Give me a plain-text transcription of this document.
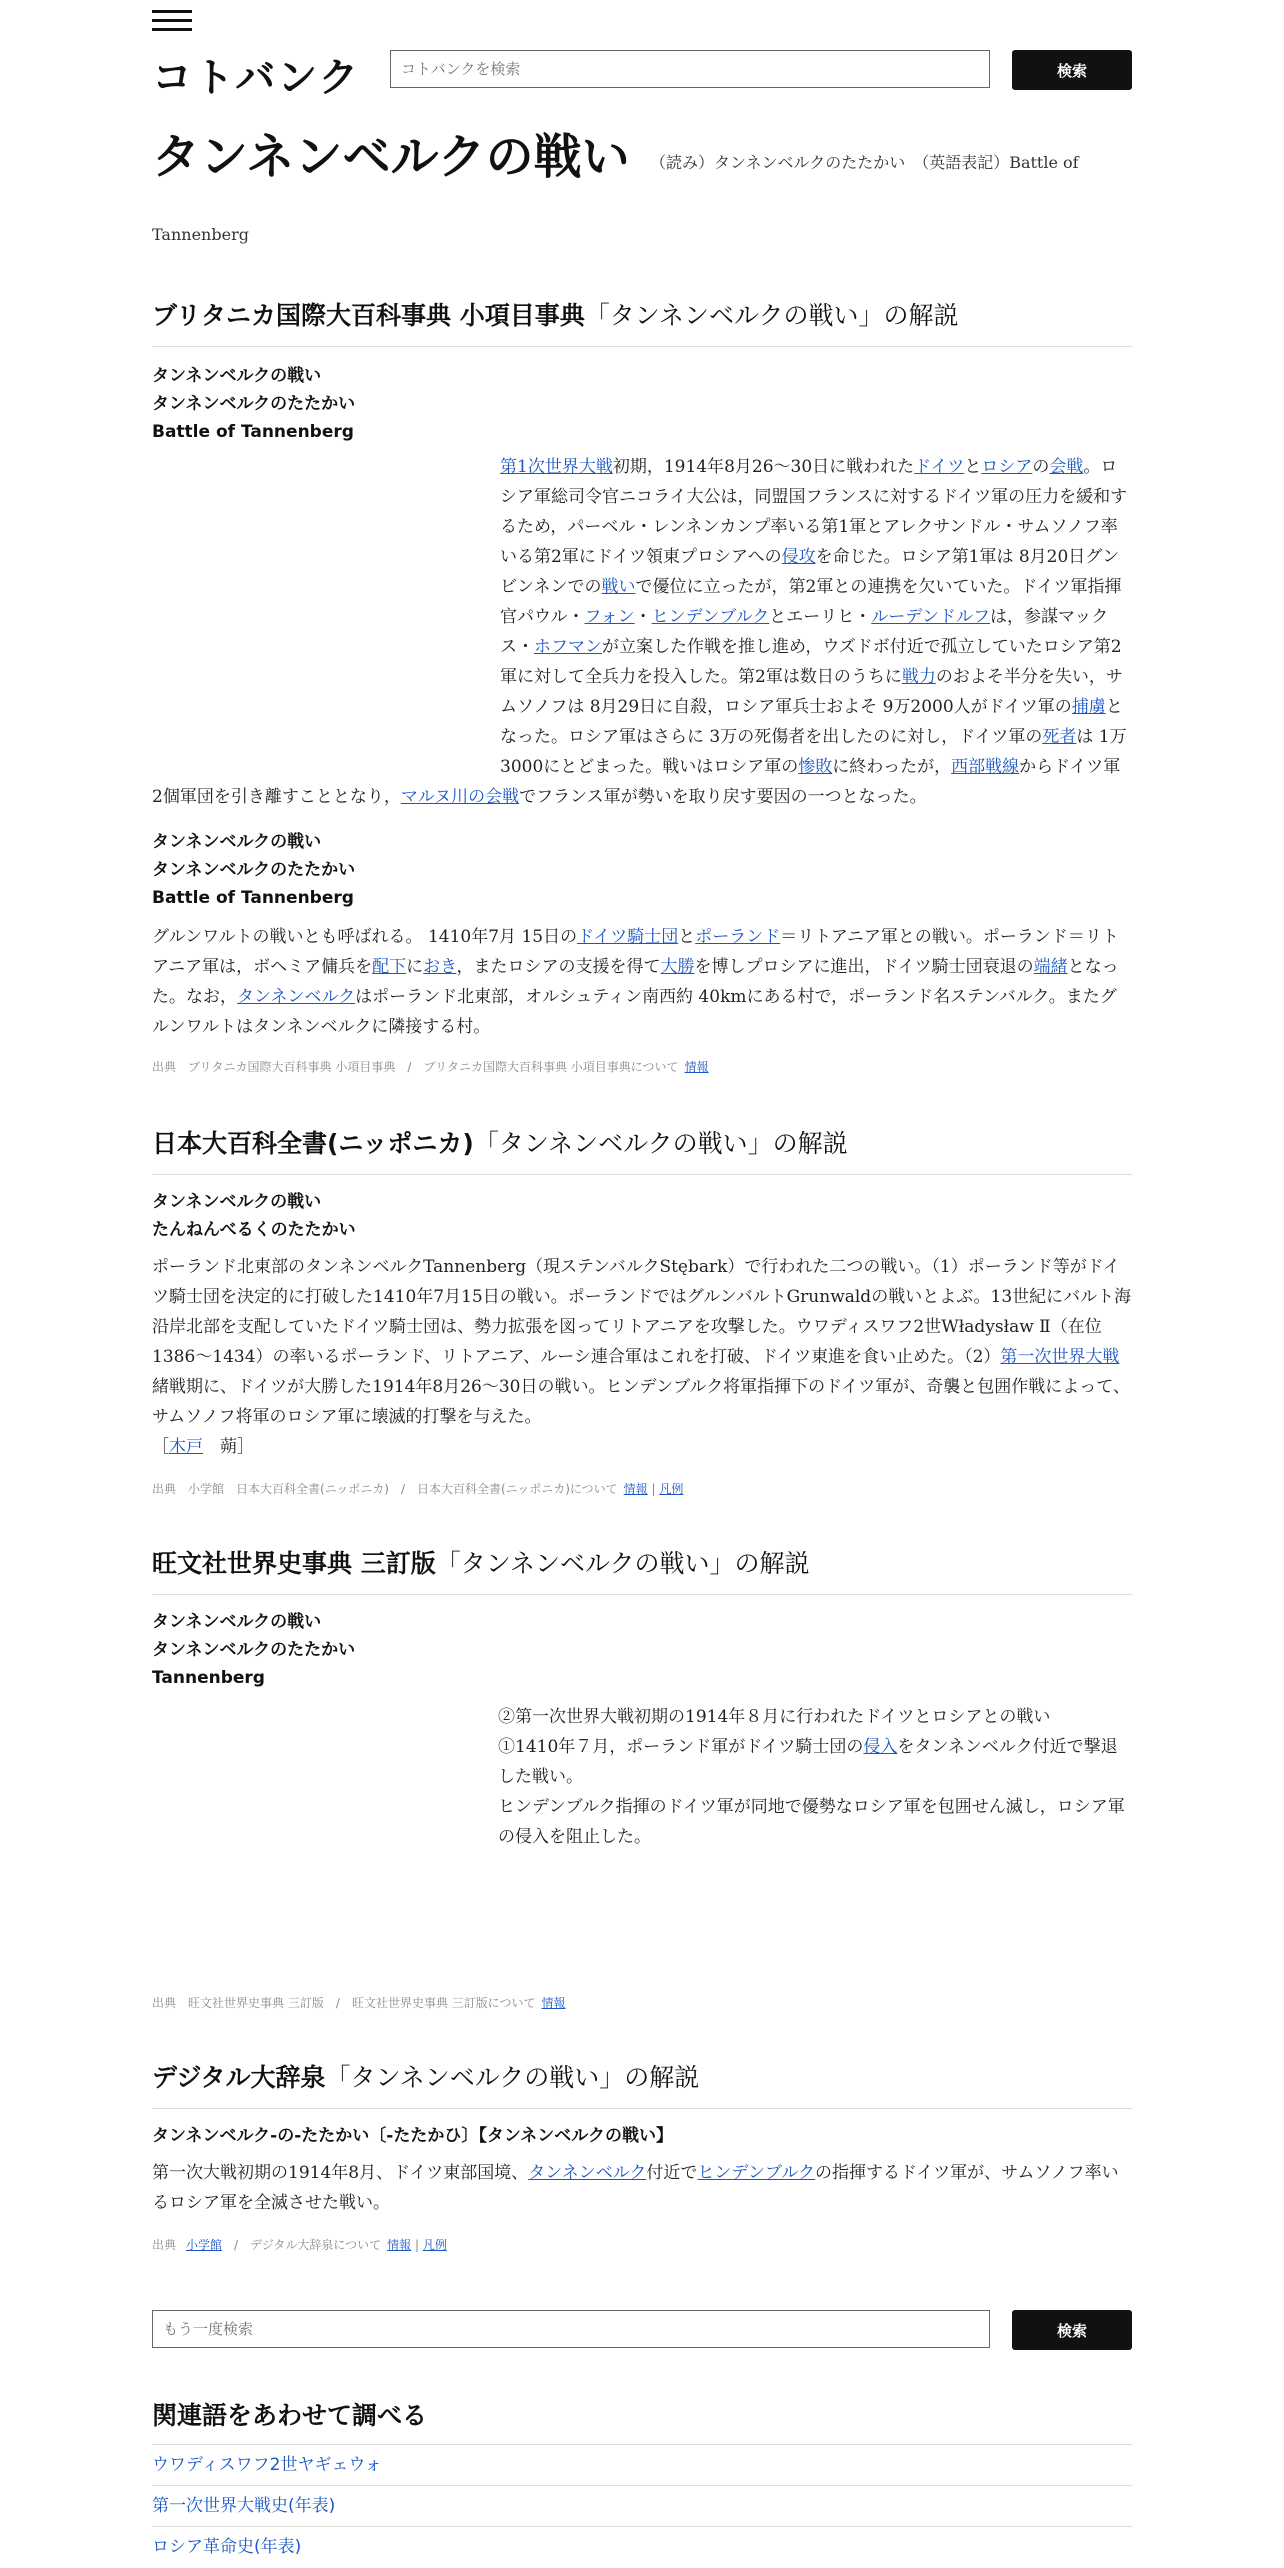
コトバンク
コトバンクを検索	検索
タンネンベルクの戦い （読み）タンネンベルクのたたかい　（英語表記）Battle of
Tannenberg
ブリタニカ国際大百科事典 小項目事典「タンネンベルクの戦い」の解説
タンネンベルクの戦い
タンネンベルクのたたかい
Battle of Tannenberg
第1次世界大戦初期，1914年8月26～30日に戦われたドイツとロシアの会戦。ロシア軍総司令官ニコライ大公は，同盟国フランスに対するドイツ軍の圧力を緩和するため，パーベル・レンネンカンプ率いる第1軍とアレクサンドル・サムソノフ率いる第2軍にドイツ領東プロシアへの侵攻を命じた。ロシア第1軍は 8月20日グンビンネンでの戦いで優位に立ったが，第2軍との連携を欠いていた。ドイツ軍指揮官パウル・フォン・ヒンデンブルクとエーリヒ・ルーデンドルフは，参謀マックス・ホフマンが立案した作戦を推し進め，ウズドボ付近で孤立していたロシア第2軍に対して全兵力を投入した。第2軍は数日のうちに戦力のおよそ半分を失い，サムソノフは 8月29日に自殺，ロシア軍兵士およそ 9万2000人がドイツ軍の捕虜となった。ロシア軍はさらに 3万の死傷者を出したのに対し，ドイツ軍の死者は 1万3000にとどまった。戦いはロシア軍の惨敗に終わったが，西部戦線からドイツ軍 2個軍団を引き離すこととなり，マルヌ川の会戦でフランス軍が勢いを取り戻す要因の一つとなった。
タンネンベルクの戦い
タンネンベルクのたたかい
Battle of Tannenberg
グルンワルトの戦いとも呼ばれる。 1410年7月 15日のドイツ騎士団とポーランド＝リトアニア軍との戦い。ポーランド＝リトアニア軍は，ボヘミア傭兵を配下におき，またロシアの支援を得て大勝を博しプロシアに進出，ドイツ騎士団衰退の端緒となった。なお，タンネンベルクはポーランド北東部，オルシュティン南西約 40kmにある村で，ポーランド名ステンバルク。またグルンワルトはタンネンベルクに隣接する村。
出典　 ブリタニカ国際大百科事典 小項目事典　 /　 ブリタニカ国際大百科事典 小項目事典について 情報
日本大百科全書(ニッポニカ)「タンネンベルクの戦い」の解説
タンネンベルクの戦い
たんねんべるくのたたかい
ポーランド北東部のタンネンベルクTannenberg（現ステンバルクStębark）で行われた二つの戦い。（1）ポーランド等がドイツ騎士団を決定的に打破した1410年7月15日の戦い。ポーランドではグルンバルトGrunwaldの戦いとよぶ。13世紀にバルト海沿岸北部を支配していたドイツ騎士団は、勢力拡張を図ってリトアニアを攻撃した。ウワディスワフ2世Władysław Ⅱ（在位1386～1434）の率いるポーランド、リトアニア、ルーシ連合軍はこれを打破、ドイツ東進を食い止めた。（2）第一次世界大戦緒戦期に、ドイツが大勝した1914年8月26～30日の戦い。ヒンデンブルク将軍指揮下のドイツ軍が、奇襲と包囲作戦によって、サムソノフ将軍のロシア軍に壊滅的打撃を与えた。
［木戸　蒴］
出典　 小学館　日本大百科全書(ニッポニカ)　 /　 日本大百科全書(ニッポニカ)について 情報 | 凡例
旺文社世界史事典 三訂版「タンネンベルクの戦い」の解説
タンネンベルクの戦い
タンネンベルクのたたかい
Tannenberg
②第一次世界大戦初期の1914年８月に行われたドイツとロシアとの戦い
①1410年７月，ポーランド軍がドイツ騎士団の侵入をタンネンベルク付近で撃退した戦い。
ヒンデンブルク指揮のドイツ軍が同地で優勢なロシア軍を包囲せん滅し，ロシア軍の侵入を阻止した。
出典　 旺文社世界史事典 三訂版　 /　 旺文社世界史事典 三訂版について 情報
デジタル大辞泉「タンネンベルクの戦い」の解説
タンネンベルク‐の‐たたかい〔‐たたかひ〕【タンネンベルクの戦い】
第一次大戦初期の1914年8月、ドイツ東部国境、タンネンベルク付近でヒンデンブルクの指揮するドイツ軍が、サムソノフ率いるロシア軍を全滅させた戦い。
出典 小学館　 /　 デジタル大辞泉について 情報 | 凡例
もう一度検索
検索
関連語をあわせて調べる
ウワディスワフ2世ヤギェウォ
第一次世界大戦史(年表)
ロシア革命史(年表)
